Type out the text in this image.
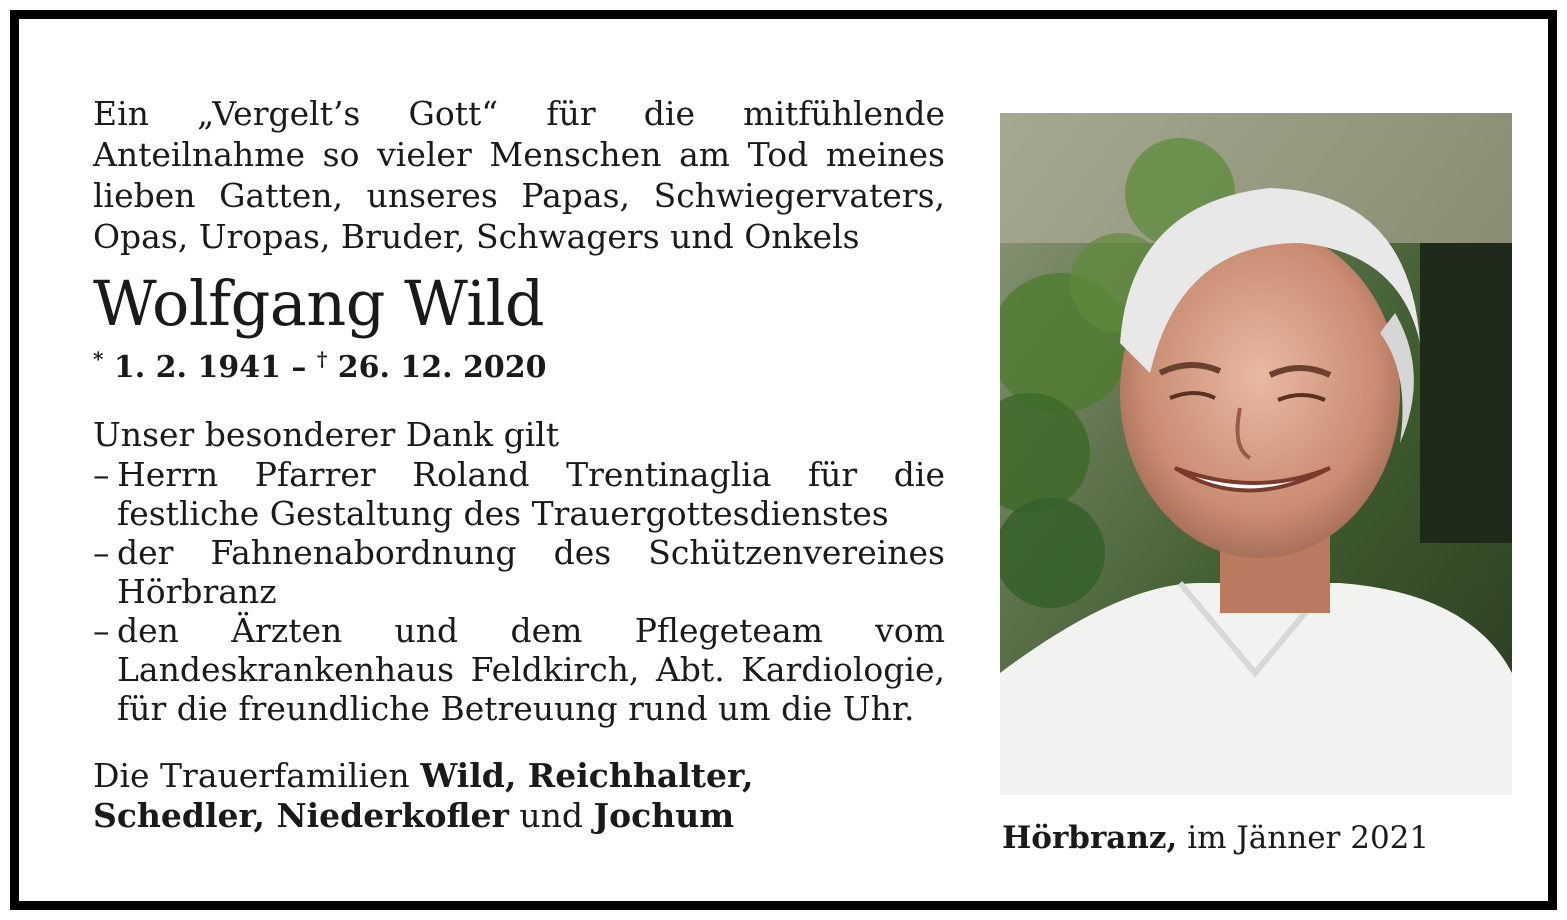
Ein „Vergelt’s Gott“ für die mitfühlende Anteilnahme so vieler Menschen am Tod meines lieben Gatten, unseres Papas, Schwiegervaters, Opas, Uropas, Bruder, Schwagers und Onkels

Wolfgang Wild
* 1. 2. 1941 – † 26. 12. 2020

Unser besonderer Dank gilt

– Herrn Pfarrer Roland Trentinaglia für die festliche Gestaltung des Trauergottesdienstes
– der Fahnenabordnung des Schützenvereines Hörbranz
– den Ärzten und dem Pflegeteam vom Landeskrankenhaus Feldkirch, Abt. Kardiologie, für die freundliche Betreuung rund um die Uhr.

Die Trauerfamilien Wild, Reichhalter,
Schedler, Niederkofler und Jochum

Hörbranz, im Jänner 2021
